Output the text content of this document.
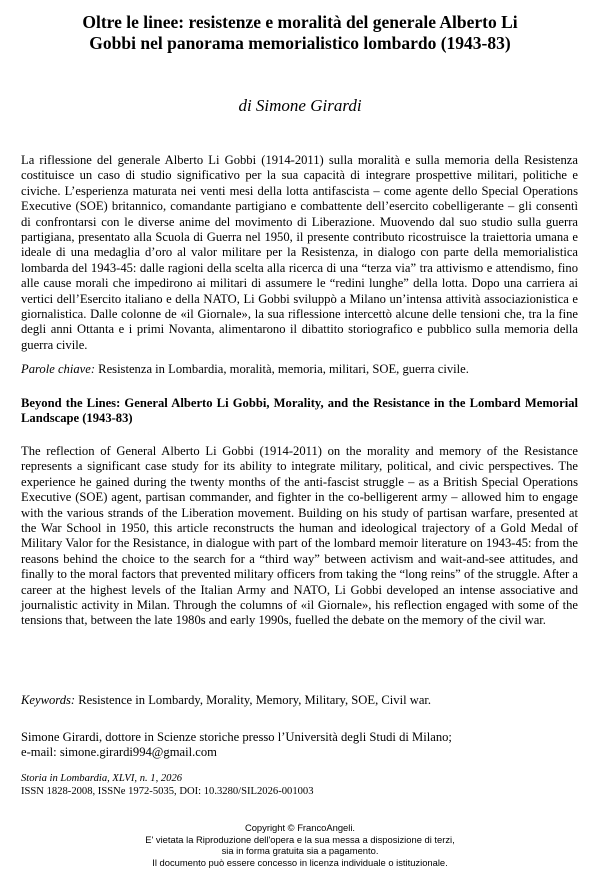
Oltre le linee: resistenze e moralità del generale Alberto Li Gobbi nel panorama memorialistico lombardo (1943-83)
di Simone Girardi

La riflessione del generale Alberto Li Gobbi (1914-2011) sulla moralità e sulla memoria della Resistenza costituisce un caso di studio significativo per la sua capacità di integrare prospettive militari, politiche e civiche. L’esperienza maturata nei venti mesi della lotta antifascista – come agente dello Special Operations Executive (SOE) britannico, comandante partigiano e combattente dell’esercito cobelligerante – gli consentì di confrontarsi con le diverse anime del movimento di Liberazione. Muovendo dal suo studio sulla guerra partigiana, presentato alla Scuola di Guerra nel 1950, il presente contributo ricostruisce la traiettoria umana e ideale di una medaglia d’oro al valor militare per la Resistenza, in dialogo con parte della memorialistica lombarda del 1943-45: dalle ragioni della scelta alla ricerca di una “terza via” tra attivismo e attendismo, fino alle cause morali che impedirono ai militari di assumere le “redini lunghe” della lotta. Dopo una carriera ai vertici dell’Esercito italiano e della NATO, Li Gobbi sviluppò a Milano un’intensa attività associazionistica e giornalistica. Dalle colonne de «il Giornale», la sua riflessione intercettò alcune delle tensioni che, tra la fine degli anni Ottanta e i primi Novanta, alimentarono il dibattito storiografico e pubblico sulla memoria della guerra civile.

Parole chiave: Resistenza in Lombardia, moralità, memoria, militari, SOE, guerra civile.

Beyond the Lines: General Alberto Li Gobbi, Morality, and the Resistance in the Lombard Memorial Landscape (1943-83)

The reflection of General Alberto Li Gobbi (1914-2011) on the morality and memory of the Resistance represents a significant case study for its ability to integrate military, political, and civic perspectives. The experience he gained during the twenty months of the anti-fascist struggle – as a British Special Operations Executive (SOE) agent, partisan commander, and fighter in the co-belligerent army – allowed him to engage with the various strands of the Liberation movement. Building on his study of partisan warfare, presented at the War School in 1950, this article reconstructs the human and ideological trajectory of a Gold Medal of Military Valor for the Resistance, in dialogue with part of the lombard memoir literature on 1943-45: from the reasons behind the choice to the search for a “third way” between activism and wait-and-see attitudes, and finally to the moral factors that prevented military officers from taking the “long reins” of the struggle. After a career at the highest levels of the Italian Army and NATO, Li Gobbi developed an intense associative and journalistic activity in Milan. Through the columns of «il Giornale», his reflection engaged with some of the tensions that, between the late 1980s and early 1990s, fuelled the debate on the memory of the civil war.

Keywords: Resistence in Lombardy, Morality, Memory, Military, SOE, Civil war.

Simone Girardi, dottore in Scienze storiche presso l’Università degli Studi di Milano;
e-mail: simone.girardi994@gmail.com
Storia in Lombardia, XLVI, n. 1, 2026
ISSN 1828-2008, ISSNe 1972-5035, DOI: 10.3280/SIL2026-001003
Copyright © FrancoAngeli.
E' vietata la Riproduzione dell'opera e la sua messa a disposizione di terzi,
sia in forma gratuita sia a pagamento.
Il documento può essere concesso in licenza individuale o istituzionale.
